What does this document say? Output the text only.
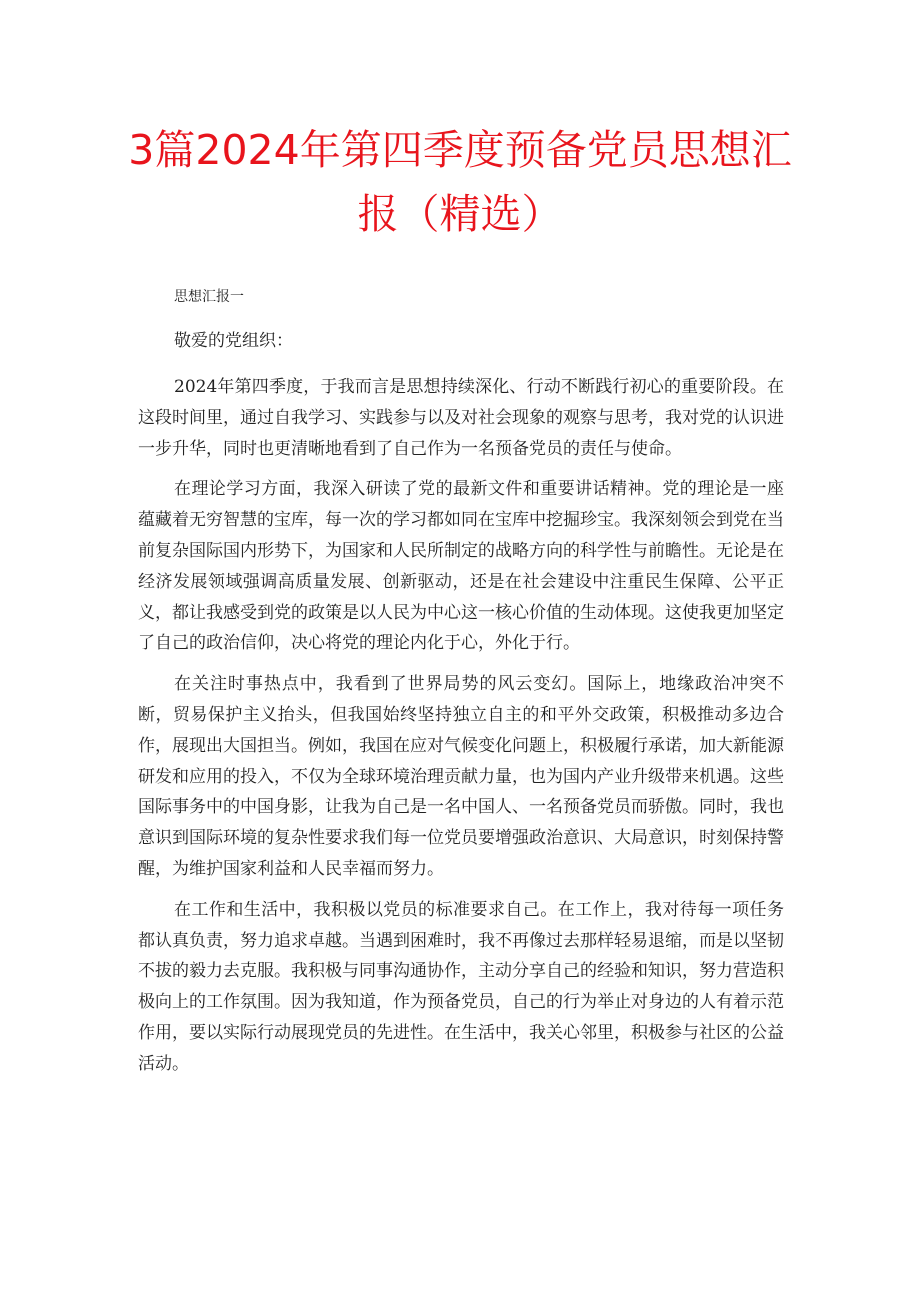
3篇2024年第四季度预备党员思想汇
报（精选）

思想汇报一

敬爱的党组织：

2024年第四季度，于我而言是思想持续深化、行动不断践行初心的重要阶段。在这段时间里，通过自我学习、实践参与以及对社会现象的观察与思考，我对党的认识进一步升华，同时也更清晰地看到了自己作为一名预备党员的责任与使命。

在理论学习方面，我深入研读了党的最新文件和重要讲话精神。党的理论是一座蕴藏着无穷智慧的宝库，每一次的学习都如同在宝库中挖掘珍宝。我深刻领会到党在当前复杂国际国内形势下，为国家和人民所制定的战略方向的科学性与前瞻性。无论是在经济发展领域强调高质量发展、创新驱动，还是在社会建设中注重民生保障、公平正义，都让我感受到党的政策是以人民为中心这一核心价值的生动体现。这使我更加坚定了自己的政治信仰，决心将党的理论内化于心，外化于行。

在关注时事热点中，我看到了世界局势的风云变幻。国际上，地缘政治冲突不断，贸易保护主义抬头，但我国始终坚持独立自主的和平外交政策，积极推动多边合作，展现出大国担当。例如，我国在应对气候变化问题上，积极履行承诺，加大新能源研发和应用的投入，不仅为全球环境治理贡献力量，也为国内产业升级带来机遇。这些国际事务中的中国身影，让我为自己是一名中国人、一名预备党员而骄傲。同时，我也意识到国际环境的复杂性要求我们每一位党员要增强政治意识、大局意识，时刻保持警醒，为维护国家利益和人民幸福而努力。

在工作和生活中，我积极以党员的标准要求自己。在工作上，我对待每一项任务都认真负责，努力追求卓越。当遇到困难时，我不再像过去那样轻易退缩，而是以坚韧不拔的毅力去克服。我积极与同事沟通协作，主动分享自己的经验和知识，努力营造积极向上的工作氛围。因为我知道，作为预备党员，自己的行为举止对身边的人有着示范作用，要以实际行动展现党员的先进性。在生活中，我关心邻里，积极参与社区的公益活动。
